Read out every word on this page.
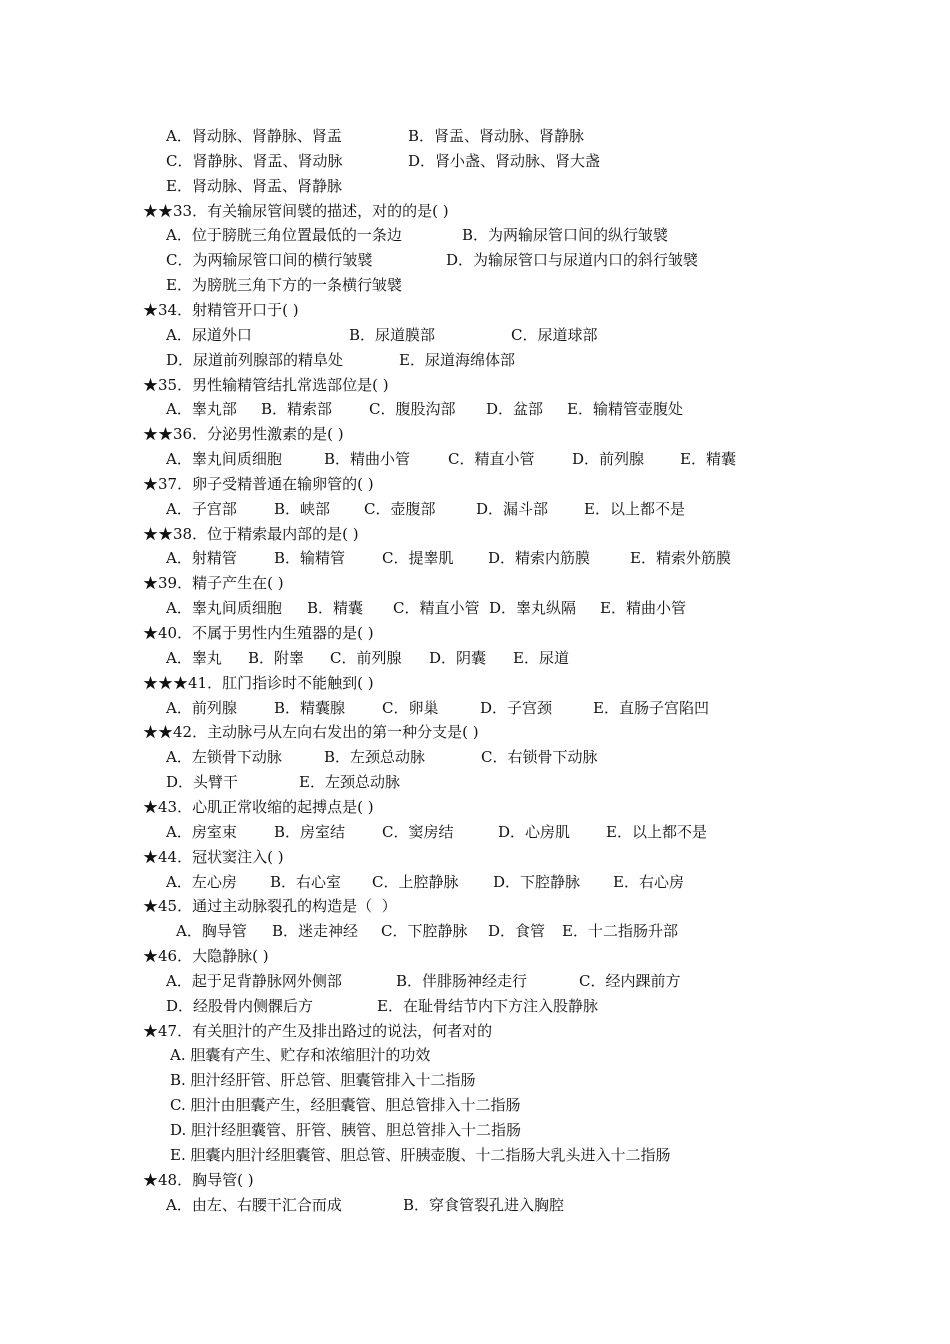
A．肾动脉、肾静脉、肾盂	B．肾盂、肾动脉、肾静脉
C．肾静脉、肾盂、肾动脉	D．肾小盏、肾动脉、肾大盏
E．肾动脉、肾盂、肾静脉
★★33．有关输尿管间襞的描述，对的的是( )
A．位于膀胱三角位置最低的一条边	B．为两输尿管口间的纵行皱襞
C．为两输尿管口间的横行皱襞	D．为输尿管口与尿道内口的斜行皱襞
E．为膀胱三角下方的一条横行皱襞
★34．射精管开口于( )
A．尿道外口	B．尿道膜部	C．尿道球部
D．尿道前列腺部的精阜处	E．尿道海绵体部
★35．男性输精管结扎常选部位是( )
A．睾丸部 B．精索部 C．腹股沟部 D．盆部 E．输精管壶腹处
★★36．分泌男性激素的是( )
A．睾丸间质细胞	B．精曲小管	C．精直小管	D．前列腺 E．精囊
★37．卵子受精普通在输卵管的( )
A．子宫部 B．峡部 C．壶腹部	D．漏斗部 E．以上都不是
★★38．位于精索最内部的是( )
A．射精管 B．输精管 C．提睾肌 D．精索内筋膜	E．精索外筋膜
★39．精子产生在( )
A．睾丸间质细胞 B．精囊 C．精直小管 D．睾丸纵隔 E．精曲小管
★40．不属于男性内生殖器的是( )
A．睾丸 B．附睾 C．前列腺 D．阴囊 E．尿道
★★★41．肛门指诊时不能触到( )
A．前列腺 B．精囊腺 C．卵巢	D．子宫颈	E．直肠子宫陷凹
★★42．主动脉弓从左向右发出的第一种分支是( )
A．左锁骨下动脉	B．左颈总动脉	C．右锁骨下动脉
D．头臂干	E．左颈总动脉
★43．心肌正常收缩的起搏点是( )
A．房室束 B．房室结 C．窦房结	D．心房肌 E．以上都不是
★44．冠状窦注入( )
A．左心房 B．右心室 C．上腔静脉 D．下腔静脉 E．右心房
★45．通过主动脉裂孔的构造是（  ）
A．胸导管 B．迷走神经 C．下腔静脉 D．食管 E．十二指肠升部
★46．大隐静脉( )
A．起于足背静脉网外侧部	B．伴腓肠神经走行	C．经内踝前方
D．经股骨内侧髁后方	E．在耻骨结节内下方注入股静脉
★47．有关胆汁的产生及排出路过的说法，何者对的
A. 胆囊有产生、贮存和浓缩胆汁的功效
B. 胆汁经肝管、肝总管、胆囊管排入十二指肠
C. 胆汁由胆囊产生，经胆囊管、胆总管排入十二指肠
D. 胆汁经胆囊管、肝管、胰管、胆总管排入十二指肠
E. 胆囊内胆汁经胆囊管、胆总管、肝胰壶腹、十二指肠大乳头进入十二指肠
★48．胸导管( )
A．由左、右腰干汇合而成	B．穿食管裂孔进入胸腔
